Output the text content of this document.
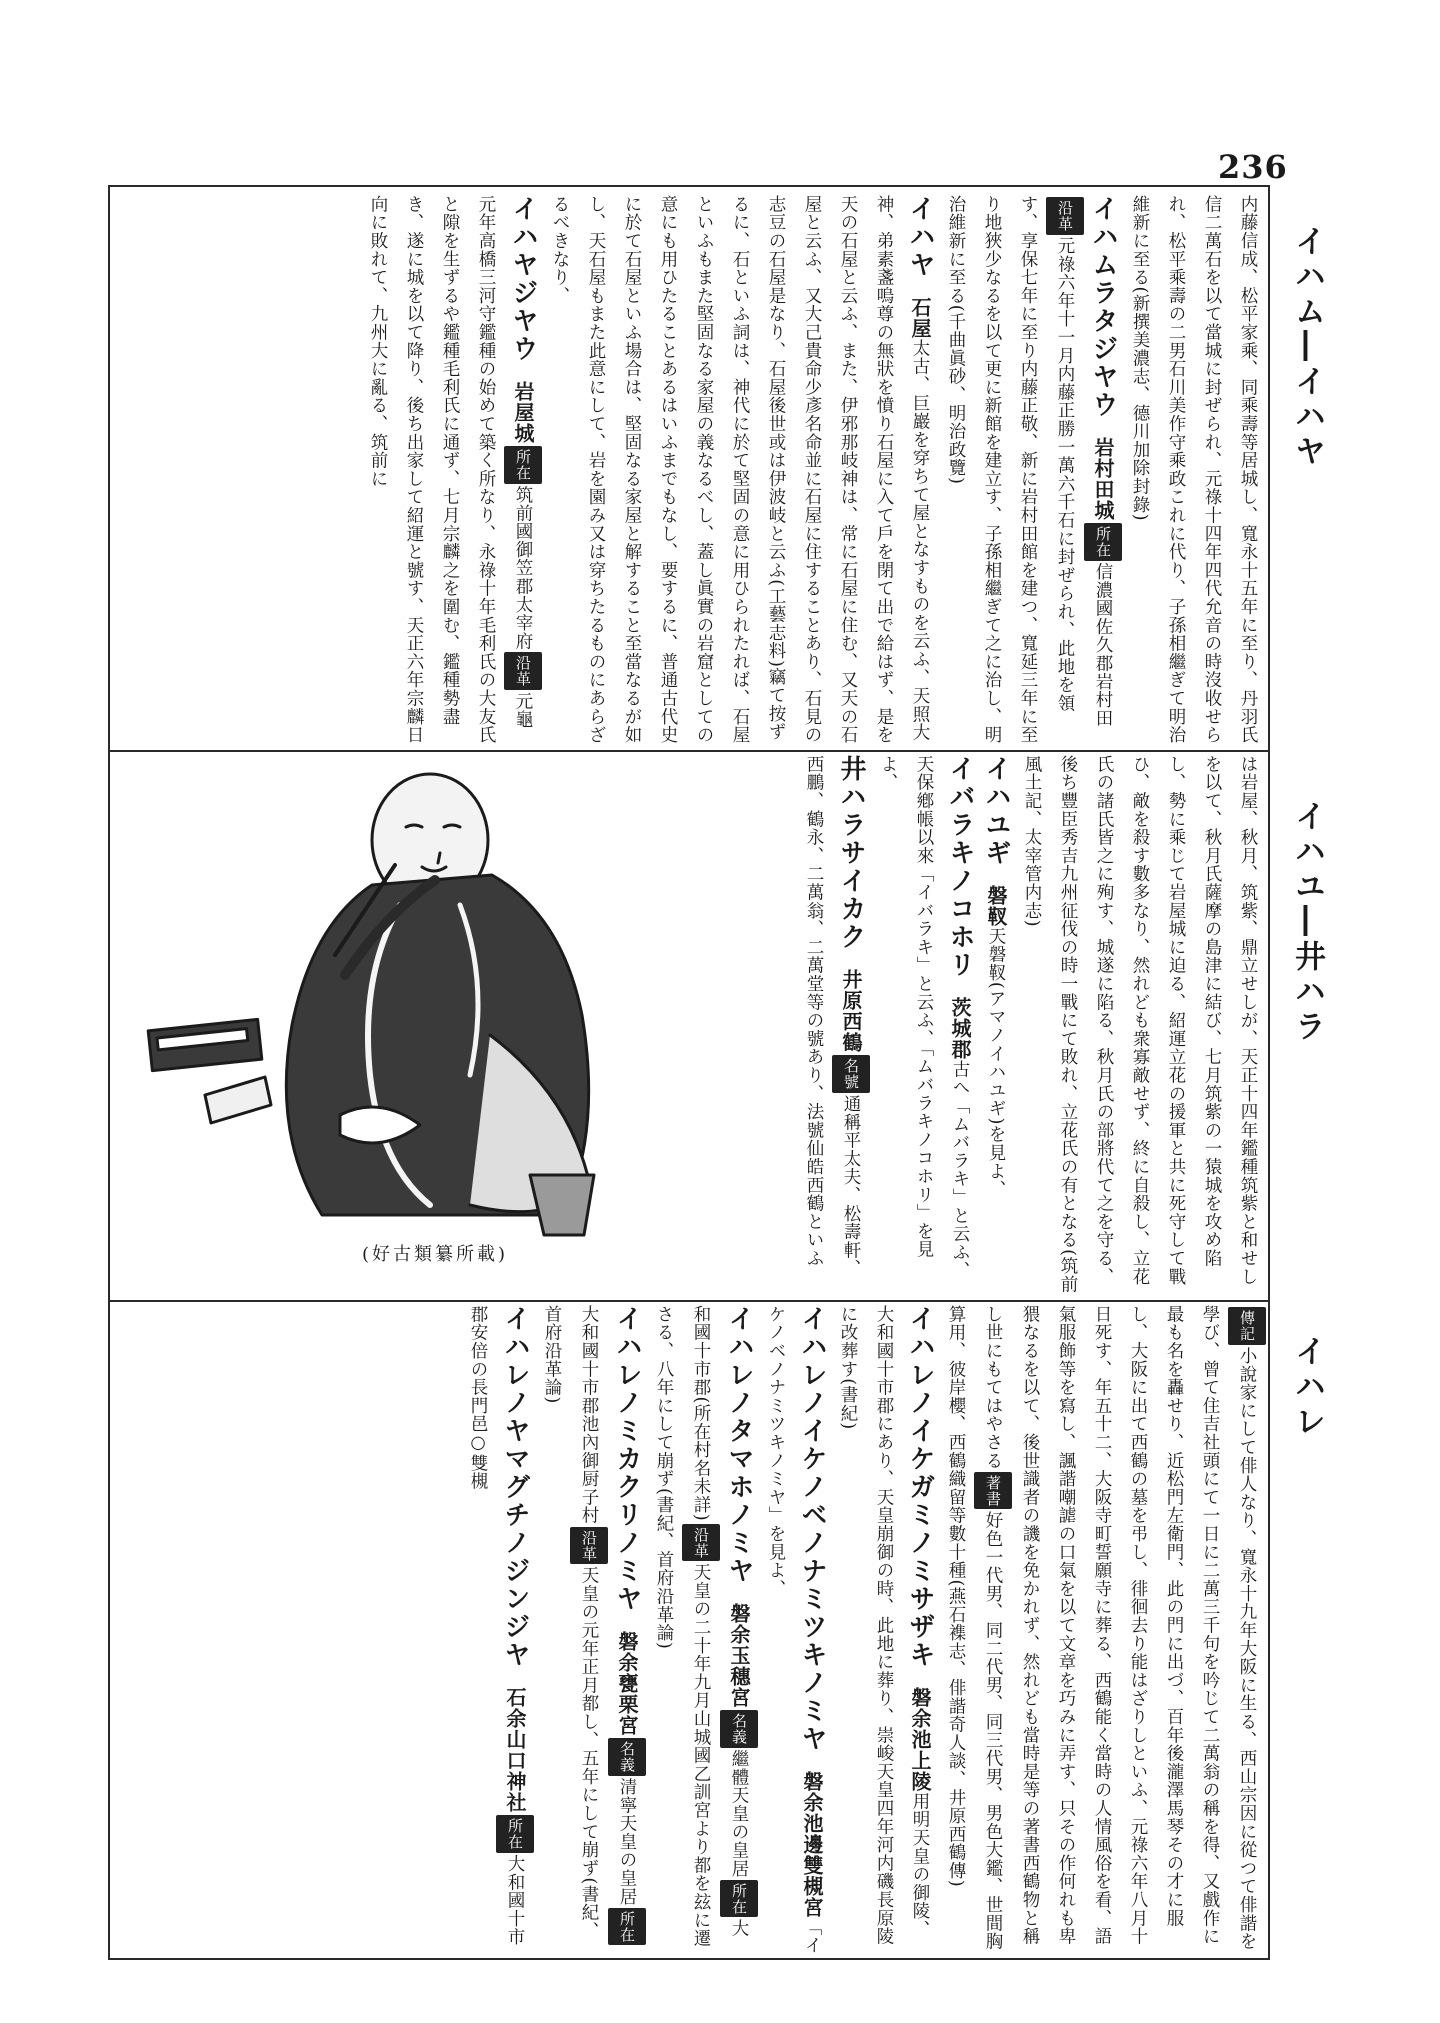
236
イハム―イハヤ
イハユ―井ハラ
イハレ
内藤信成、松平家乘、同乘壽等居城し、寬永十五年に至り、丹羽氏信二萬石を以て當城に封ぜられ、元祿十四年四代允音の時沒收せられ、松平乘壽の二男石川美作守乘政これに代り、子孫相繼ぎて明治維新に至る(新撰美濃志、德川加除封錄)
イハムラタジヤウ岩村田城所在信濃國佐久郡岩村田沿革元祿六年十一月内藤正勝一萬六千石に封ぜられ、此地を領す、享保七年に至り内藤正敬、新に岩村田館を建つ、寬延三年に至り地狹少なるを以て更に新館を建立す、子孫相繼ぎて之に治し、明治維新に至る(千曲眞砂、明治政覽)
イハヤ石屋太古、巨巖を穿ちて屋となすものを云ふ、天照大神、弟素盞嗚尊の無狀を憤り石屋に入て戶を閉て出で給はず、是を天の石屋と云ふ、また、伊邪那岐神は、常に石屋に住む、又天の石屋と云ふ、又大己貴命少彥名命並に石屋に住することあり、石見の志豆の石屋是なり、石屋後世或は伊波岐と云ふ(工藝志料)竊て按ずるに、石といふ詞は、神代に於て堅固の意に用ひられたれば、石屋といふもまた堅固なる家屋の義なるべし、蓋し眞實の岩窟としての意にも用ひたることあるはいふまでもなし、要するに、普通古代史に於て石屋といふ場合は、堅固なる家屋と解すること至當なるが如し、天石屋もまた此意にして、岩を園み又は穿ちたるものにあらざるべきなり、
イハヤジヤウ岩屋城所在筑前國御笠郡太宰府沿革元龜元年高橋三河守鑑種の始めて築く所なり、永祿十年毛利氏の大友氏と隙を生ずるや鑑種毛利氏に通ず、七月宗麟之を圍む、鑑種勢盡き、遂に城を以て降り、後ち出家して紹運と號す、天正六年宗麟日向に敗れて、九州大に亂る、筑前に
は岩屋、秋月、筑紫、鼎立せしが、天正十四年鑑種筑紫と和せしを以て、秋月氏薩摩の島津に結び、七月筑紫の一猿城を攻め陷し、勢に乘じて岩屋城に迫る、紹運立花の援軍と共に死守して戰ひ、敵を殺す數多なり、然れども衆寡敵せず、終に自殺し、立花氏の諸氏皆之に殉す、城遂に陷る、秋月氏の部將代て之を守る、後ち豐臣秀吉九州征伐の時一戰にて敗れ、立花氏の有となる(筑前風土記、太宰管内志)
イハユギ磐靫天磐靫(アマノイハユギ)を見よ、
イバラキノコホリ茨城郡古へ「ムバラキ」と云ふ、天保鄕帳以來「イバラキ」と云ふ、「ムバラキノコホリ」を見よ、
井ハラサイカク井原西鶴名號通稱平太夫、松壽軒、西鵬、鶴永、二萬翁、二萬堂等の號あり、法號仙皓西鶴といふ
(好古類纂所載)
傳記小說家にして俳人なり、寬永十九年大阪に生る、西山宗因に從つて俳諧を學び、曾て住吉社頭にて一日に二萬三千句を吟じて二萬翁の稱を得、又戲作に最も名を轟せり、近松門左衛門、此の門に出づ、百年後瀧澤馬琴その才に服し、大阪に出て西鶴の墓を弔し、徘徊去り能はざりしといふ、元祿六年八月十日死す、年五十二、大阪寺町誓願寺に葬る、西鶴能く當時の人情風俗を看、語氣服飾等を寫し、諷諧嘲謔の口氣を以て文章を巧みに弄す、只その作何れも卑猥なるを以て、後世識者の譏を免かれず、然れども當時是等の著書西鶴物と稱し世にもてはやさる著書好色一代男、同二代男、同三代男、男色大鑑、世間胸算用、彼岸櫻、西鶴織留等數十種(燕石襍志、俳諧奇人談、井原西鶴傳)
イハレノイケガミノミサザキ磐余池上陵用明天皇の御陵、大和國十市郡にあり、天皇崩御の時、此地に葬り、崇峻天皇四年河内磯長原陵に改葬す(書紀)
イハレノイケノベノナミツキノミヤ磐余池邊雙槻宮「イケノベノナミツキノミヤ」を見よ、
イハレノタマホノミヤ磐余玉穗宮名義繼體天皇の皇居所在大和國十市郡(所在村名未詳)沿革天皇の二十年九月山城國乙訓宮より都を玆に遷さる、八年にして崩ず(書紀、首府沿革論)
イハレノミカクリノミヤ磐余甕栗宮名義清寧天皇の皇居所在大和國十市郡池內御厨子村沿革天皇の元年正月都し、五年にして崩ず(書紀、首府沿革論)
イハレノヤマグチノジンジヤ石余山口神社所在大和國十市郡安倍の長門邑○雙槻
